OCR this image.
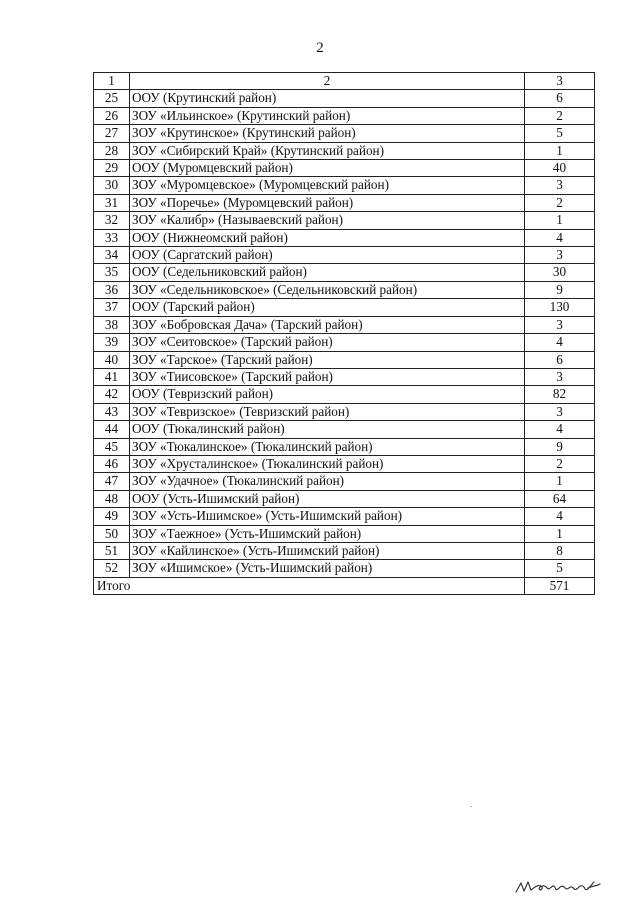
2
1	2	3
25	ООУ (Крутинский район)	6
26	ЗОУ «Ильинское» (Крутинский район)	2
27	ЗОУ «Крутинское» (Крутинский район)	5
28	ЗОУ «Сибирский Край» (Крутинский район)	1
29	ООУ (Муромцевский район)	40
30	ЗОУ «Муромцевское» (Муромцевский район)	3
31	ЗОУ «Поречье» (Муромцевский район)	2
32	ЗОУ «Калибр» (Называевский район)	1
33	ООУ (Нижнеомский район)	4
34	ООУ (Саргатский район)	3
35	ООУ (Седельниковский район)	30
36	ЗОУ «Седельниковское» (Седельниковский район)	9
37	ООУ (Тарский район)	130
38	ЗОУ «Бобровская Дача» (Тарский район)	3
39	ЗОУ «Сеитовское» (Тарский район)	4
40	ЗОУ «Тарское» (Тарский район)	6
41	ЗОУ «Тиисовское» (Тарский район)	3
42	ООУ (Тевризский район)	82
43	ЗОУ «Тевризское» (Тевризский район)	3
44	ООУ (Тюкалинский район)	4
45	ЗОУ «Тюкалинское» (Тюкалинский район)	9
46	ЗОУ «Хрусталинское» (Тюкалинский район)	2
47	ЗОУ «Удачное» (Тюкалинский район)	1
48	ООУ (Усть-Ишимский район)	64
49	ЗОУ «Усть-Ишимское» (Усть-Ишимский район)	4
50	ЗОУ «Таежное» (Усть-Ишимский район)	1
51	ЗОУ «Кайлинское» (Усть-Ишимский район)	8
52	ЗОУ «Ишимское» (Усть-Ишимский район)	5
Итого		571
